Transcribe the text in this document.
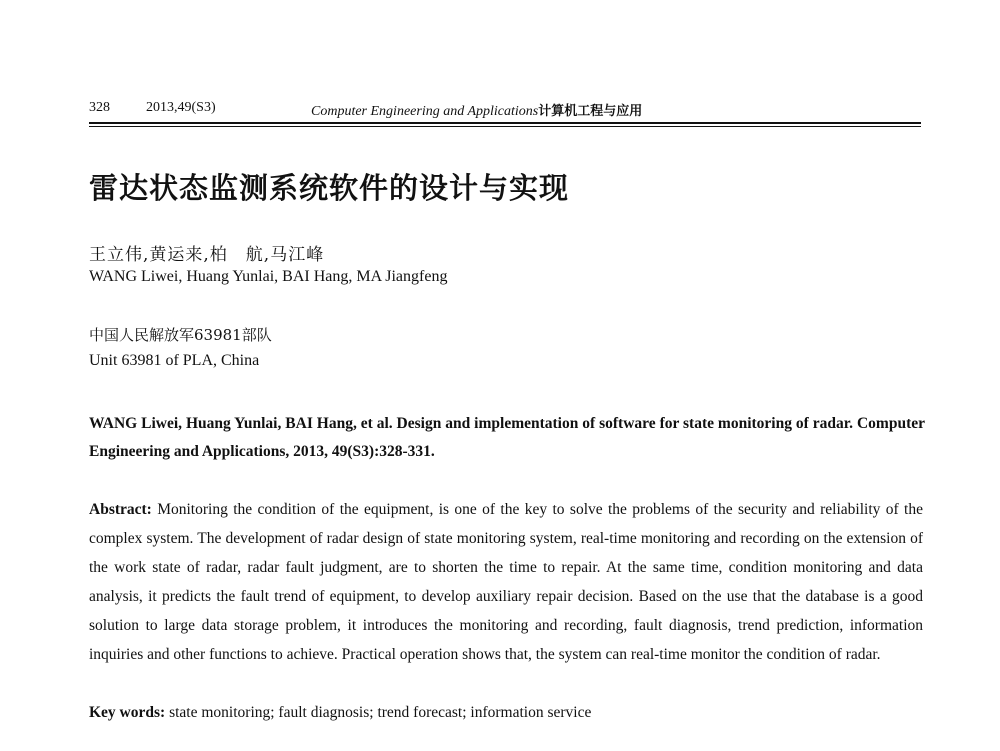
328	2013,49(S3)	Computer Engineering and Applications计算机工程与应用
雷达状态监测系统软件的设计与实现
王立伟,黄运来,柏　航,马江峰
WANG Liwei, Huang Yunlai, BAI Hang, MA Jiangfeng
中国人民解放军63981部队
Unit 63981 of PLA, China
WANG Liwei, Huang Yunlai, BAI Hang, et al. Design and implementation of software for state monitoring of radar. Computer Engineering and Applications, 2013, 49(S3):328-331.
Abstract: Monitoring the condition of the equipment, is one of the key to solve the problems of the security and reliability of the complex system. The development of radar design of state monitoring system, real-time monitoring and recording on the extension of the work state of radar, radar fault judgment, are to shorten the time to repair. At the same time, condition monitoring and data analysis, it predicts the fault trend of equipment, to develop auxiliary repair decision. Based on the use that the database is a good solution to large data storage problem, it introduces the monitoring and recording, fault diagnosis, trend prediction, information inquiries and other functions to achieve. Practical operation shows that, the system can real-time monitor the condition of radar.
Key words: state monitoring; fault diagnosis; trend forecast; information service
